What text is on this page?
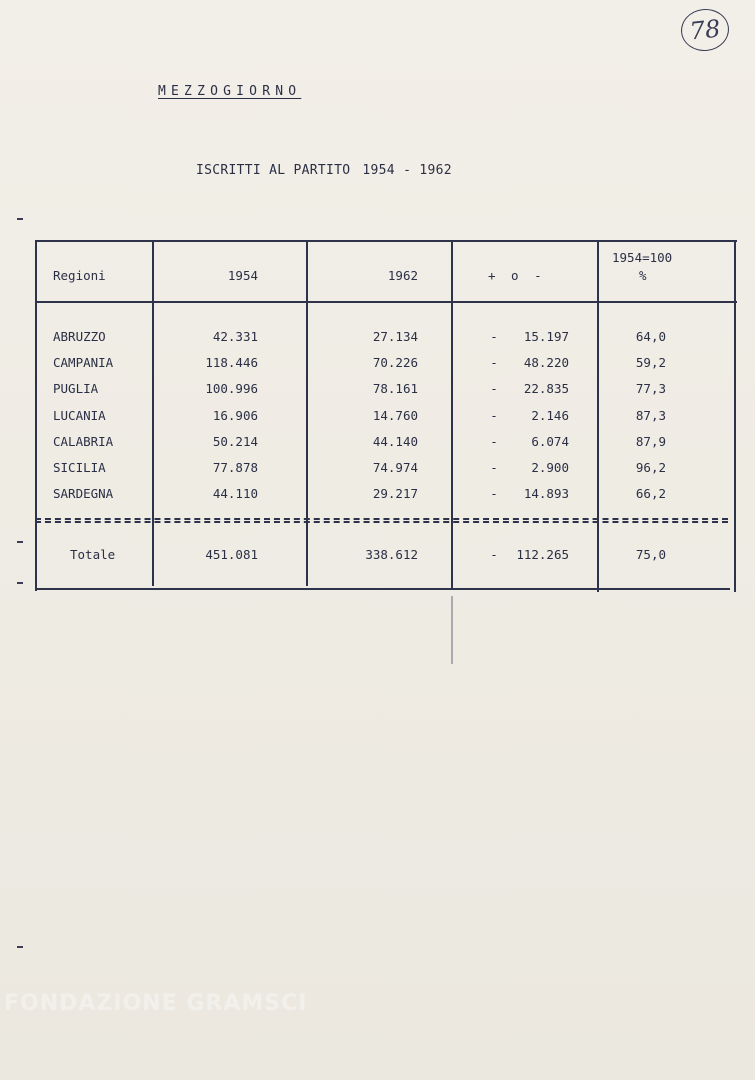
78
MEZZOGIORNO
ISCRITTI AL PARTITO 1954 - 1962
Regioni	1954	1962	+ o -
1954=100
%
ABRUZZO	42.331	27.134	-	15.197	64,0
CAMPANIA	118.446	70.226	-	48.220	59,2
PUGLIA	100.996	78.161	-	22.835	77,3
LUCANIA	16.906	14.760	-	2.146	87,3
CALABRIA	50.214	44.140	-	6.074	87,9
SICILIA	77.878	74.974	-	2.900	96,2
SARDEGNA	44.110	29.217	-	14.893	66,2
Totale	451.081	338.612	-	112.265	75,0
FONDAZIONE GRAMSCI
